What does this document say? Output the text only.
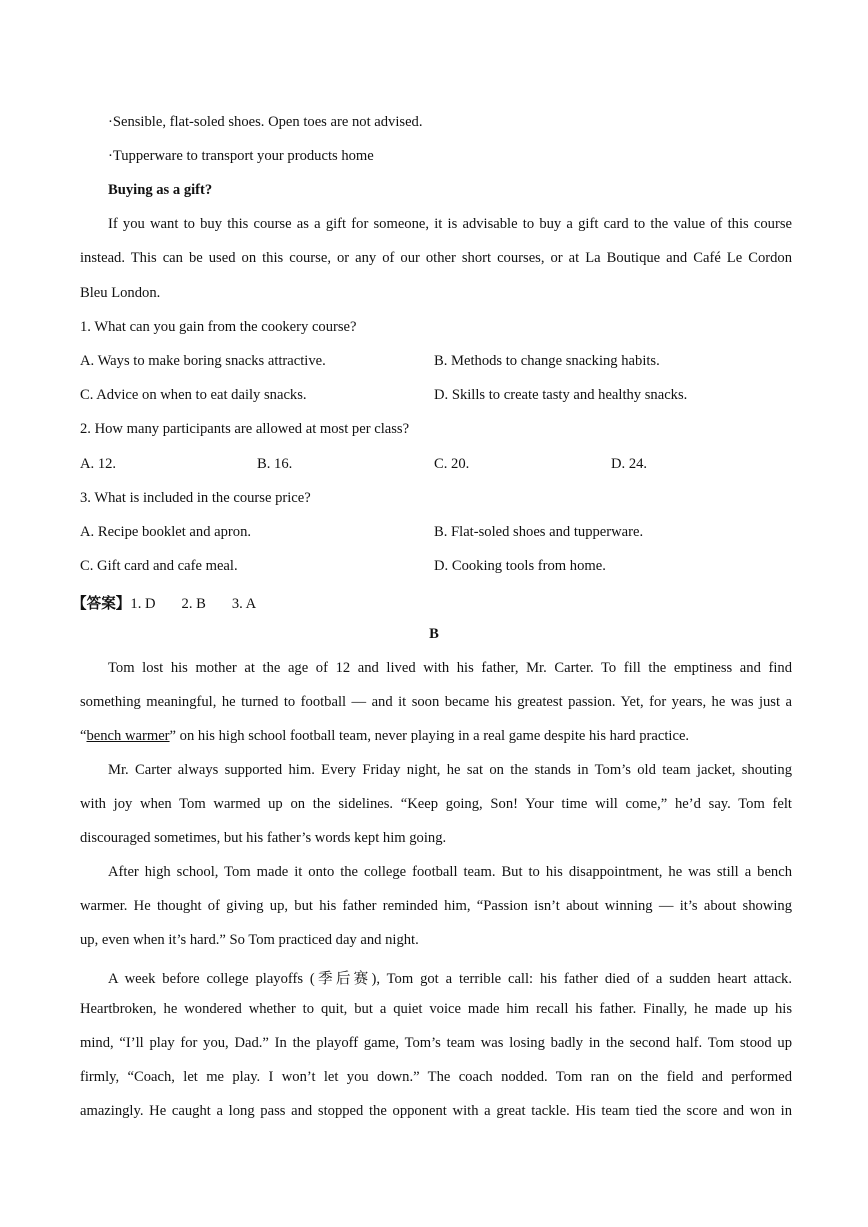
·Sensible, flat-soled shoes. Open toes are not advised.
·Tupperware to transport your products home
Buying as a gift?
If you want to buy this course as a gift for someone, it is advisable to buy a gift card to the value of this course
instead. This can be used on this course, or any of our other short courses, or at La Boutique and Café Le Cordon
Bleu London.
1. What can you gain from the cookery course?
A. Ways to make boring snacks attractive.	B. Methods to change snacking habits.
C. Advice on when to eat daily snacks.	D. Skills to create tasty and healthy snacks.
2. How many participants are allowed at most per class?
A. 12.	B. 16.	C. 20.	D. 24.
3. What is included in the course price?
A. Recipe booklet and apron.	B. Flat-soled shoes and tupperware.
C. Gift card and cafe meal.	D. Cooking tools from home.
【答案】1. D 2. B 3. A
B
Tom lost his mother at the age of 12 and lived with his father, Mr. Carter. To fill the emptiness and find
something meaningful, he turned to football — and it soon became his greatest passion. Yet, for years, he was just a
“bench warmer” on his high school football team, never playing in a real game despite his hard practice.
Mr. Carter always supported him. Every Friday night, he sat on the stands in Tom’s old team jacket, shouting
with joy when Tom warmed up on the sidelines. “Keep going, Son! Your time will come,” he’d say. Tom felt
discouraged sometimes, but his father’s words kept him going.
After high school, Tom made it onto the college football team. But to his disappointment, he was still a bench
warmer. He thought of giving up, but his father reminded him, “Passion isn’t about winning — it’s about showing
up, even when it’s hard.” So Tom practiced day and night.
A week before college playoffs (季后赛), Tom got a terrible call: his father died of a sudden heart attack.
Heartbroken, he wondered whether to quit, but a quiet voice made him recall his father. Finally, he made up his
mind, “I’ll play for you, Dad.” In the playoff game, Tom’s team was losing badly in the second half. Tom stood up
firmly, “Coach, let me play. I won’t let you down.” The coach nodded. Tom ran on the field and performed
amazingly. He caught a long pass and stopped the opponent with a great tackle. His team tied the score and won in
